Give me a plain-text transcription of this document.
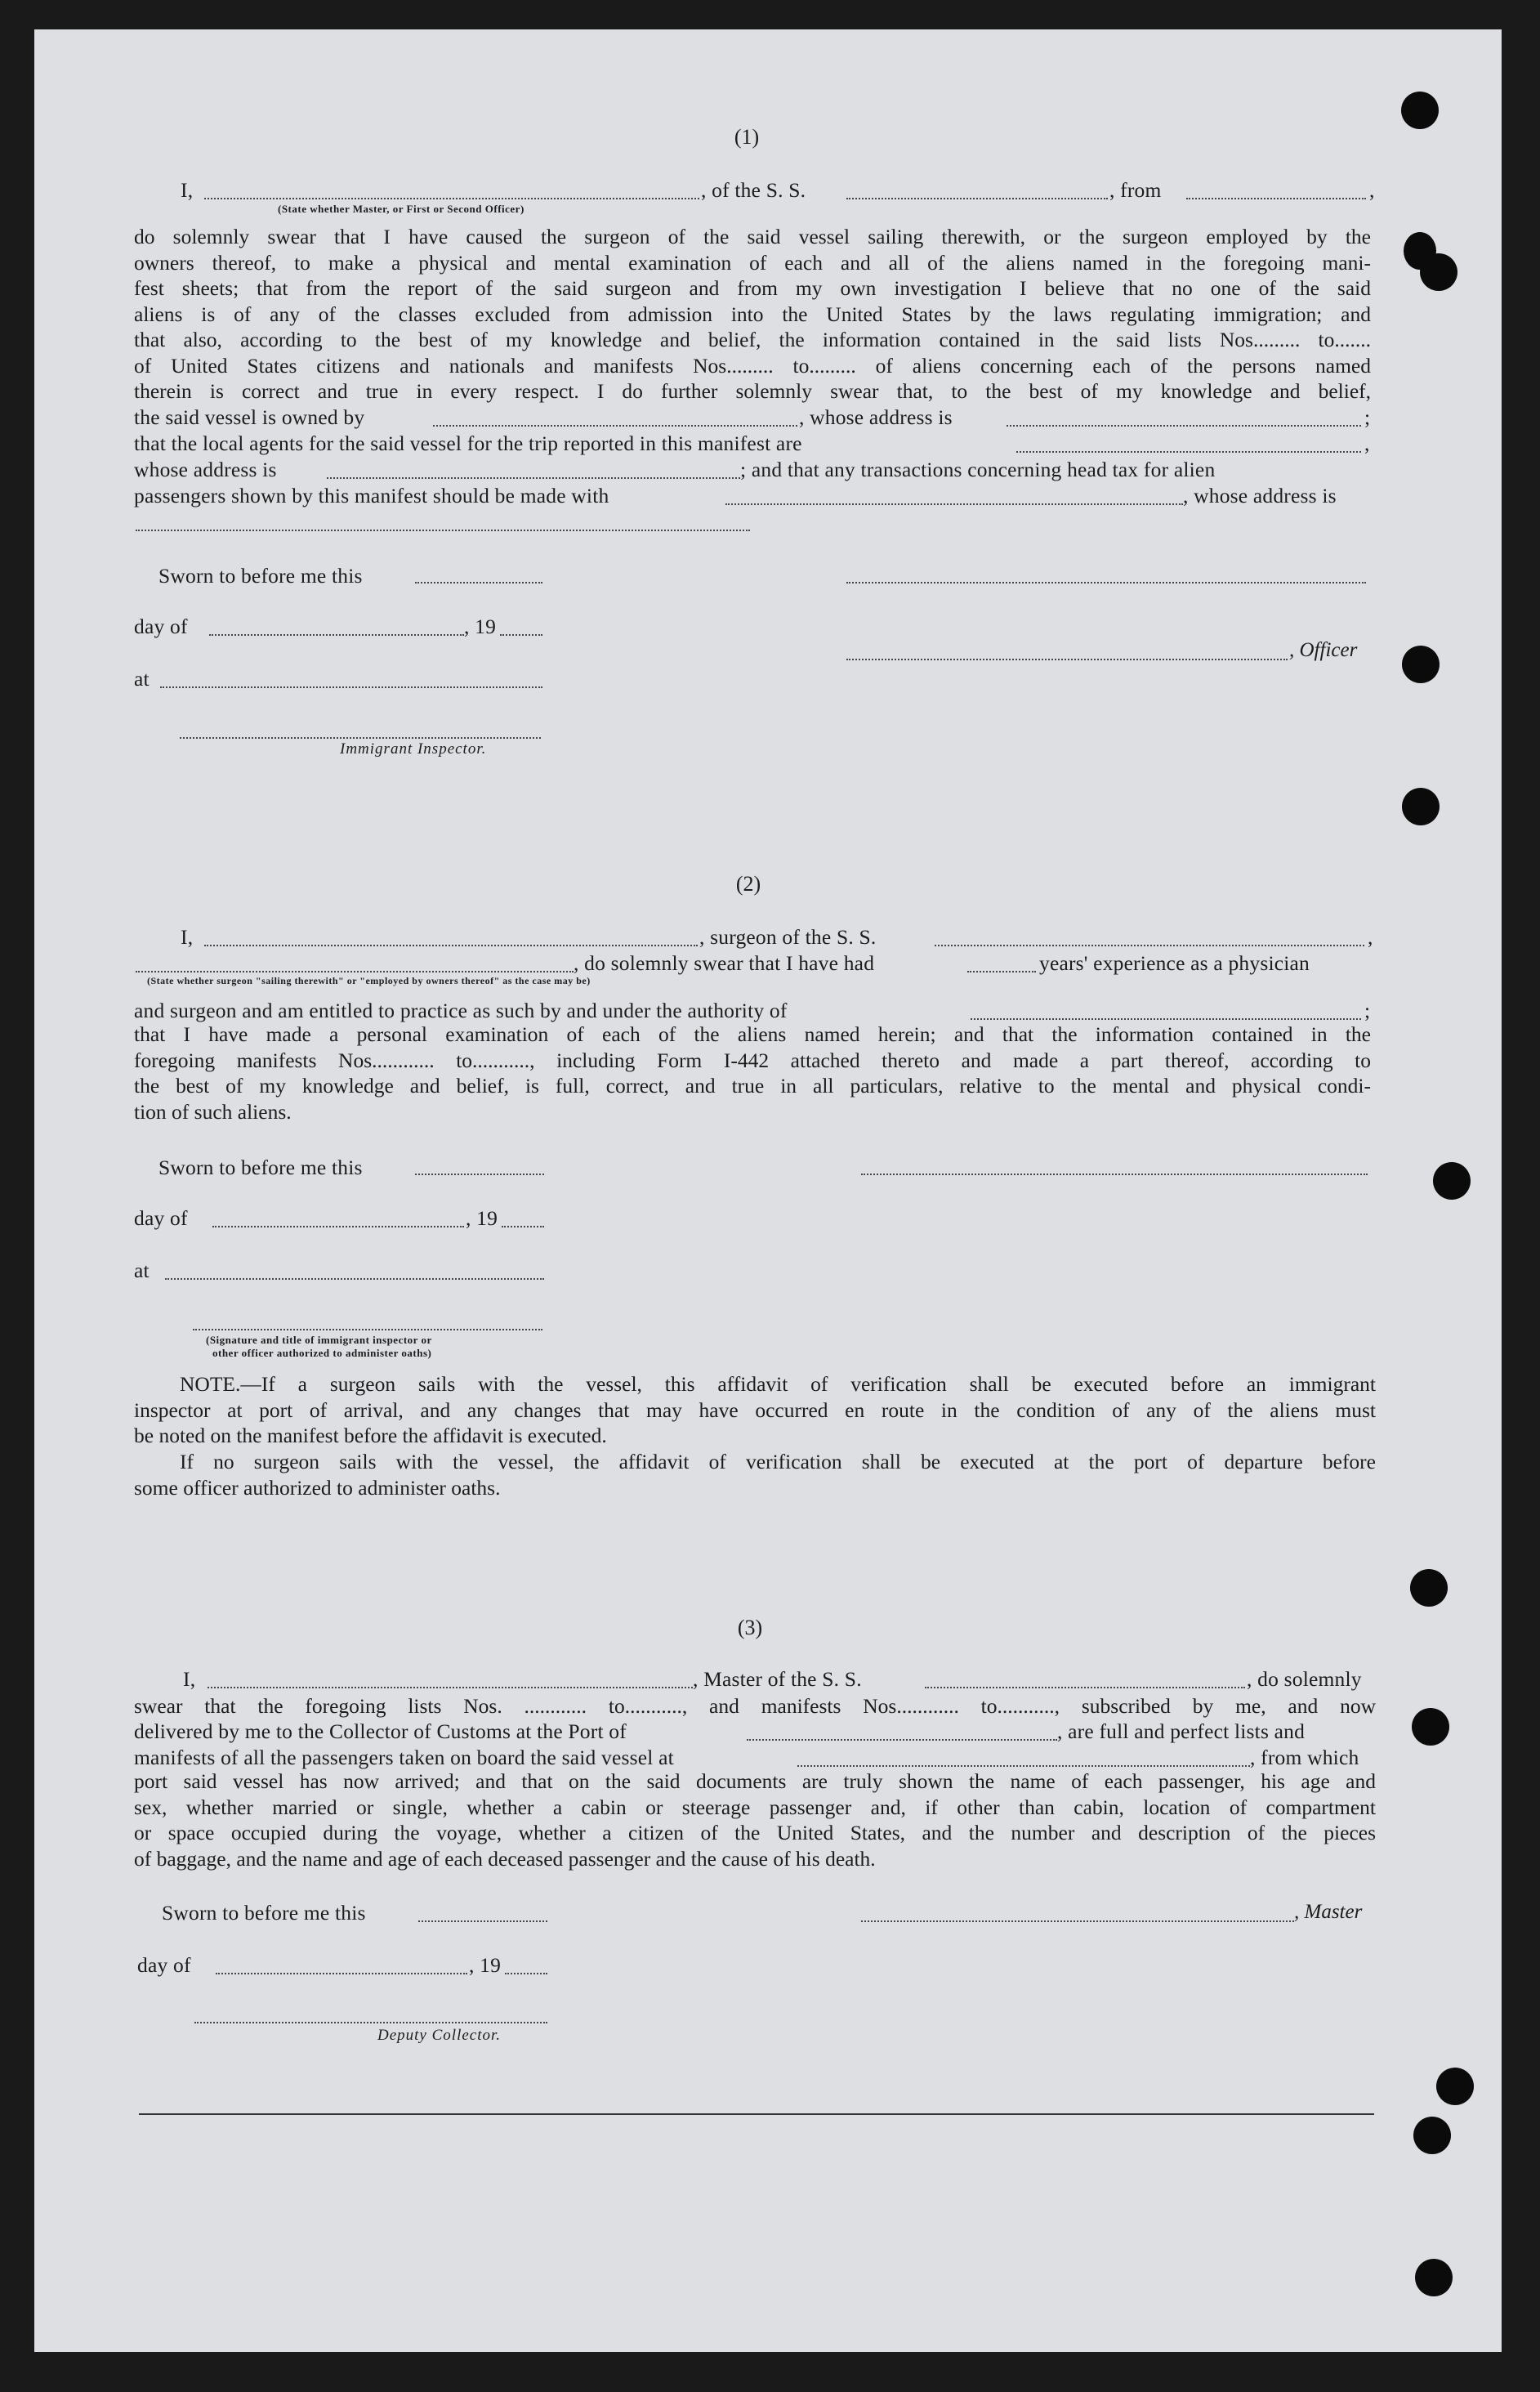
(1)
I,	, of the S. S.	, from	,
(State whether Master, or First or Second Officer)
do solemnly swear that I have caused the surgeon of the said vessel sailing therewith, or the surgeon employed by the
owners thereof, to make a physical and mental examination of each and all of the aliens named in the foregoing mani-
fest sheets; that from the report of the said surgeon and from my own investigation I believe that no one of the said
aliens is of any of the classes excluded from admission into the United States by the laws regulating immigration; and
that also, according to the best of my knowledge and belief, the information contained in the said lists Nos......... to.......
of United States citizens and nationals and manifests Nos......... to......... of aliens concerning each of the persons named
therein is correct and true in every respect. I do further solemnly swear that, to the best of my knowledge and belief,
the said vessel is owned by	, whose address is	;
that the local agents for the said vessel for the trip reported in this manifest are	,
whose address is	; and that any transactions concerning head tax for alien
passengers shown by this manifest should be made with	, whose address is
Sworn to before me this
day of	, 19
, Officer
at
Immigrant Inspector.
(2)
I,	, surgeon of the S. S.	,
, do solemnly swear that I have had	years' experience as a physician
(State whether surgeon "sailing therewith" or "employed by owners thereof" as the case may be)
and surgeon and am entitled to practice as such by and under the authority of	;
that I have made a personal examination of each of the aliens named herein; and that the information contained in the
foregoing manifests Nos............ to..........., including Form I-442 attached thereto and made a part thereof, according to
the best of my knowledge and belief, is full, correct, and true in all particulars, relative to the mental and physical condi-
tion of such aliens.
Sworn to before me this
day of	, 19
at
(Signature and title of immigrant inspector or
other officer authorized to administer oaths)
NOTE.—If a surgeon sails with the vessel, this affidavit of verification shall be executed before an immigrant
inspector at port of arrival, and any changes that may have occurred en route in the condition of any of the aliens must
be noted on the manifest before the affidavit is executed.
If no surgeon sails with the vessel, the affidavit of verification shall be executed at the port of departure before
some officer authorized to administer oaths.
(3)
I,	, Master of the S. S.	, do solemnly
swear that the foregoing lists Nos. ............ to..........., and manifests Nos............ to..........., subscribed by me, and now
delivered by me to the Collector of Customs at the Port of	, are full and perfect lists and
manifests of all the passengers taken on board the said vessel at	, from which
port said vessel has now arrived; and that on the said documents are truly shown the name of each passenger, his age and
sex, whether married or single, whether a cabin or steerage passenger and, if other than cabin, location of compartment
or space occupied during the voyage, whether a citizen of the United States, and the number and description of the pieces
of baggage, and the name and age of each deceased passenger and the cause of his death.
Sworn to before me this	, Master
day of	, 19
Deputy Collector.
